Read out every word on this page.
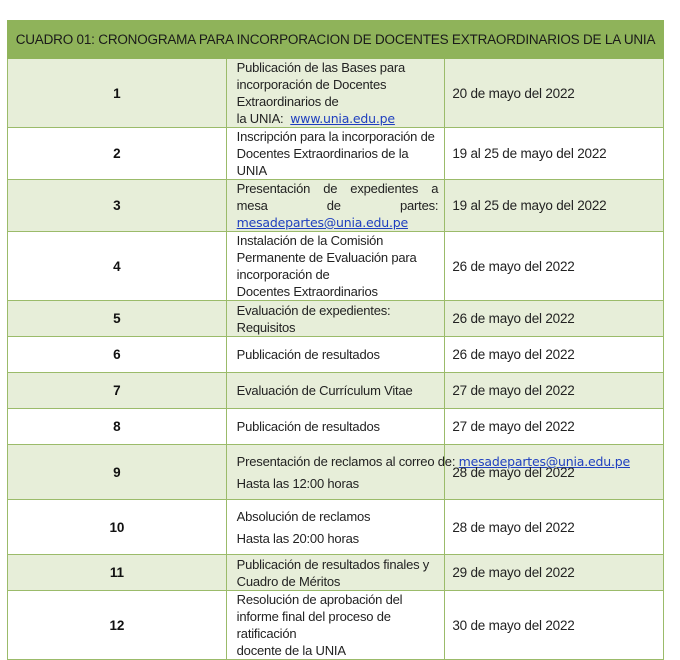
CUADRO 01: CRONOGRAMA PARA INCORPORACION DE DOCENTES EXTRAORDINARIOS DE LA UNIA		
1	Publicación de las Bases para incorporación de Docentes Extraordinarios de
la UNIA:  www.unia.edu.pe	20 de mayo del 2022
2	Inscripción para la incorporación de Docentes Extraordinarios de la UNIA	19 al 25 de mayo del 2022
3	Presentación de expedientes a mesa de partes:
mesadepartes@unia.edu.pe	19 al 25 de mayo del 2022
4	Instalación de la Comisión Permanente de Evaluación para incorporación de
Docentes Extraordinarios	26 de mayo del 2022
5	Evaluación de expedientes: Requisitos	26 de mayo del 2022
6	Publicación de resultados	26 de mayo del 2022
7	Evaluación de Currículum Vitae	27 de mayo del 2022
8	Publicación de resultados	27 de mayo del 2022
9	Presentación de reclamos al correo de: mesadepartes@unia.edu.pe
Hasta las 12:00 horas	28 de mayo del 2022
10	Absolución de reclamos
Hasta las 20:00 horas	28 de mayo del 2022
11	Publicación de resultados finales y Cuadro de Méritos	29 de mayo del 2022
12	Resolución de aprobación del informe final del proceso de ratificación
docente de la UNIA	30 de mayo del 2022
